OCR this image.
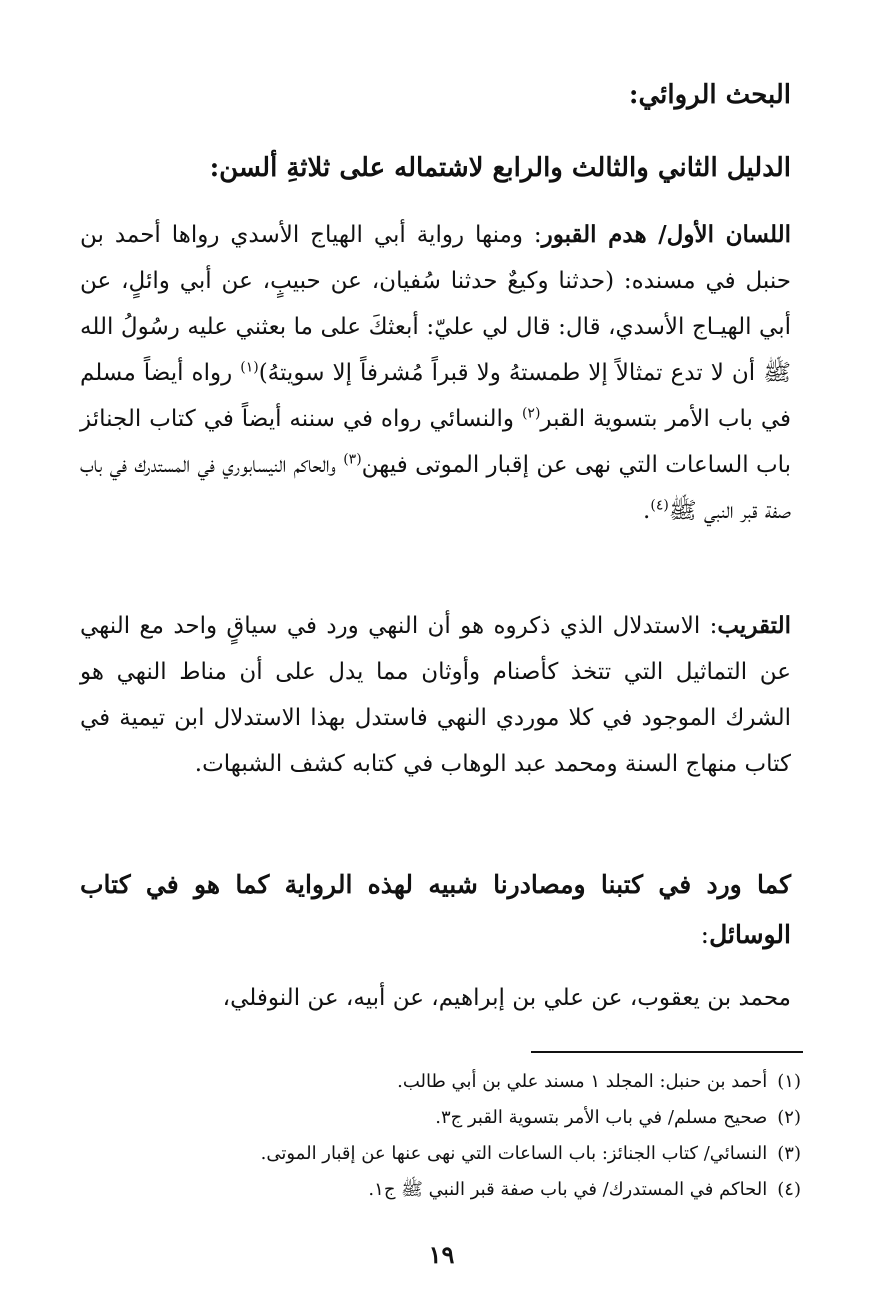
البحث الروائي:
الدليل الثاني والثالث والرابع لاشتماله على ثلاثةِ ألسن:

اللسان الأول/ هدم القبور: ومنها رواية أبي الهياج الأسدي رواها أحمد بن حنبل في مسنده: (حدثنا وكيعٌ حدثنا سُفيان، عن حبيبٍ، عن أبي وائلٍ، عن أبي الهيـاج الأسدي، قال: قال لي عليّ: أبعثكَ على ما بعثني عليه رسُولُ الله ﷺ أن لا تدع تمثالاً إلا طمستهُ ولا قبراً مُشرفاً إلا سويتهُ)$^{(١)}$ رواه أيضاً مسلم في باب الأمر بتسوية القبر$^{(٢)}$ والنسائي رواه في سننه أيضاً في كتاب الجنائز باب الساعات التي نهى عن إقبار الموتى فيهن$^{(٣)}$ والحاكم النيسابوري في المستدرك في باب صفة قبر النبي ﷺ$^{(٤)}$.

التقريب: الاستدلال الذي ذكروه هو أن النهي ورد في سياقٍ واحد مع النهي عن التماثيل التي تتخذ كأصنام وأوثان مما يدل على أن مناط النهي هو الشرك الموجود في كلا موردي النهي فاستدل بهذا الاستدلال ابن تيمية في كتاب منهاج السنة ومحمد عبد الوهاب في كتابه كشف الشبهات.

كما ورد في كتبنا ومصادرنا شبيه لهذه الرواية كما هو في كتاب الوسائل:

محمد بن يعقوب، عن علي بن إبراهيم، عن أبيه، عن النوفلي،

(١)
أحمد بن حنبل: المجلد ١ مسند علي بن أبي طالب.
(٢)
صحيح مسلم/ في باب الأمر بتسوية القبر ج٣.
(٣)
النسائي/ كتاب الجنائز: باب الساعات التي نهى عنها عن إقبار الموتى.
(٤)
الحاكم في المستدرك/ في باب صفة قبر النبي ﷺ ج١.
١٩
